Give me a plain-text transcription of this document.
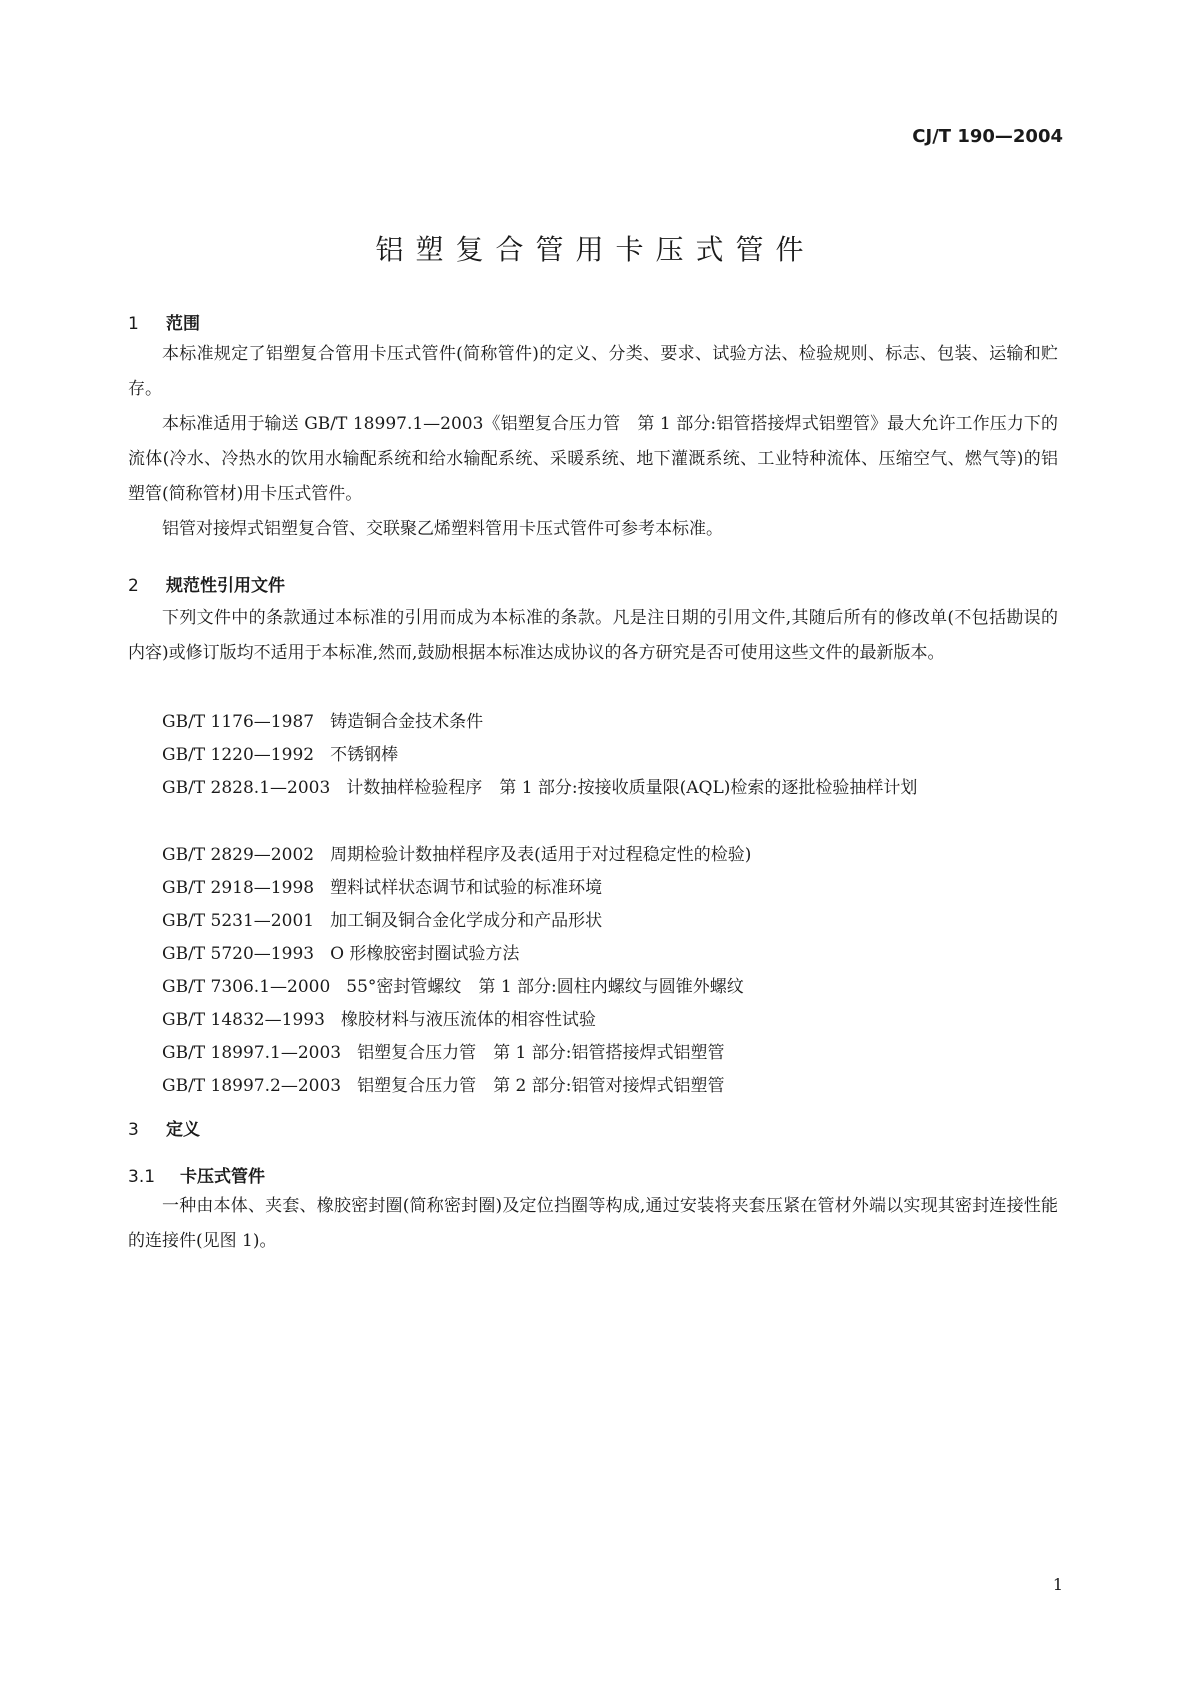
CJ/T 190—2004
铝塑复合管用卡压式管件
1 范围

本标准规定了铝塑复合管用卡压式管件(简称管件)的定义、分类、要求、试验方法、检验规则、标志、包装、运输和贮存。

本标准适用于输送 GB/T 18997.1—2003《铝塑复合压力管　第 1 部分:铝管搭接焊式铝塑管》最大允许工作压力下的流体(冷水、冷热水的饮用水输配系统和给水输配系统、采暖系统、地下灌溉系统、工业特种流体、压缩空气、燃气等)的铝塑管(简称管材)用卡压式管件。

铝管对接焊式铝塑复合管、交联聚乙烯塑料管用卡压式管件可参考本标准。

2 规范性引用文件

下列文件中的条款通过本标准的引用而成为本标准的条款。凡是注日期的引用文件,其随后所有的修改单(不包括勘误的内容)或修订版均不适用于本标准,然而,鼓励根据本标准达成协议的各方研究是否可使用这些文件的最新版本。

GB/T 1176—1987 铸造铜合金技术条件

GB/T 1220—1992 不锈钢棒

GB/T 2828.1—2003 计数抽样检验程序　第 1 部分:按接收质量限(AQL)检索的逐批检验抽样计划

GB/T 2829—2002 周期检验计数抽样程序及表(适用于对过程稳定性的检验)

GB/T 2918—1998 塑料试样状态调节和试验的标准环境

GB/T 5231—2001 加工铜及铜合金化学成分和产品形状

GB/T 5720—1993 O 形橡胶密封圈试验方法

GB/T 7306.1—2000 55°密封管螺纹　第 1 部分:圆柱内螺纹与圆锥外螺纹

GB/T 14832—1993 橡胶材料与液压流体的相容性试验

GB/T 18997.1—2003 铝塑复合压力管　第 1 部分:铝管搭接焊式铝塑管

GB/T 18997.2—2003 铝塑复合压力管　第 2 部分:铝管对接焊式铝塑管

3 定义
3.1 卡压式管件

一种由本体、夹套、橡胶密封圈(简称密封圈)及定位挡圈等构成,通过安装将夹套压紧在管材外端以实现其密封连接性能的连接件(见图 1)。

1
